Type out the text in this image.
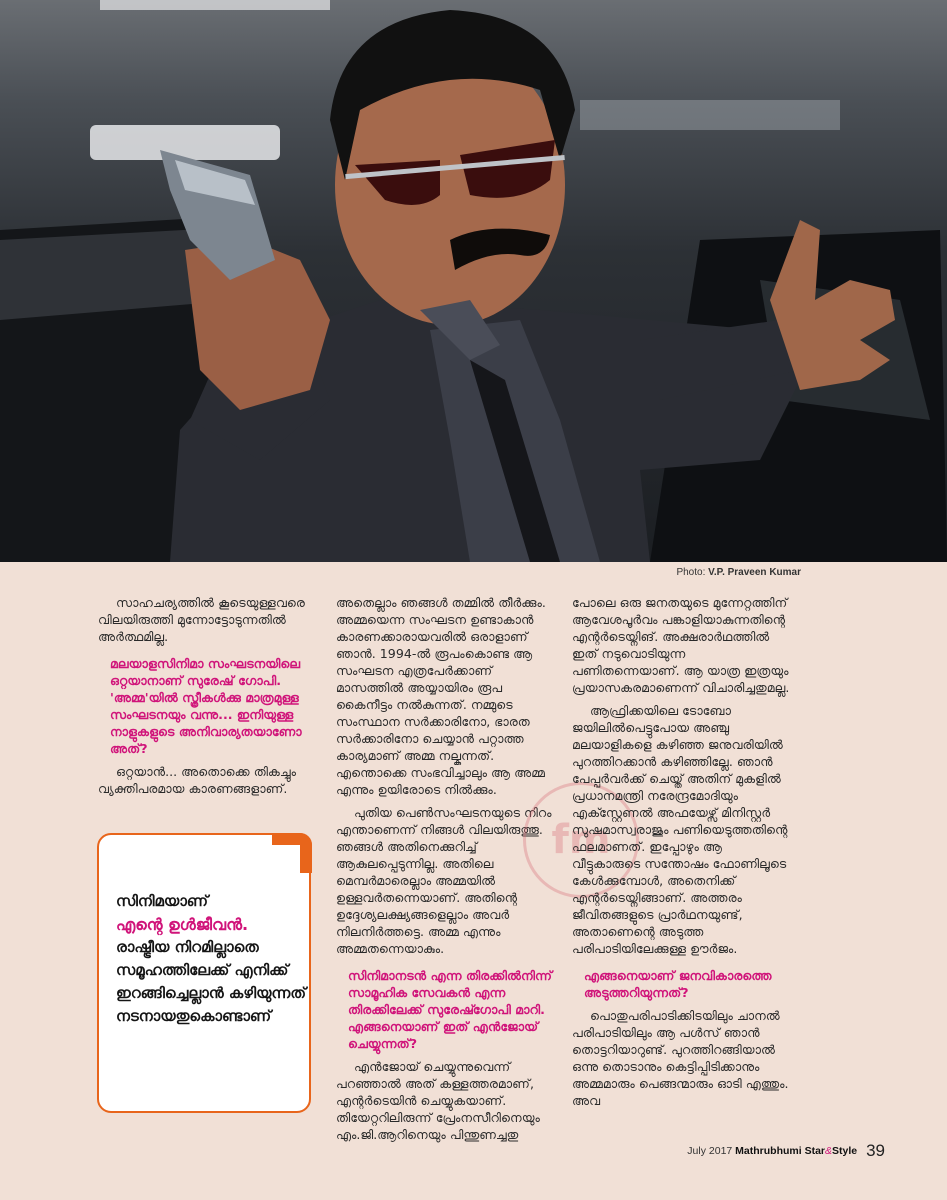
Photo: V.P. Praveen Kumar

സാഹചര്യത്തിൽ കൂടെയുള്ളവരെ വിലയിരുത്തി മുന്നോട്ടോടുന്നതിൽ അർത്ഥമില്ല.

മലയാളസിനിമാ സംഘടനയിലെ ഒറ്റയാനാണ് സുരേഷ് ഗോപി. 'അമ്മ'യിൽ സ്ത്രീകൾക്കു മാത്രമുള്ള സംഘടനയും വന്നു... ഇനിയുള്ള നാളുകളുടെ അനിവാര്യതയാണോ അത്?

ഒറ്റയാൻ... അതൊക്കെ തികച്ചും വ്യക്തിപരമായ കാരണങ്ങളാണ്.

സിനിമയാണ്
എന്റെ ഉൾജീവൻ.
രാഷ്ട്രീയ നിറമില്ലാതെ സമൂഹത്തിലേക്ക് എനിക്ക് ഇറങ്ങിച്ചെല്ലാൻ കഴിയുന്നത് നടനായതുകൊണ്ടാണ്

അതെല്ലാം ഞങ്ങൾ തമ്മിൽ തീർക്കും. അമ്മയെന്ന സംഘടന ഉണ്ടാകാൻ കാരണക്കാരായവരിൽ ഒരാളാണ് ഞാൻ. 1994-ൽ രൂപംകൊണ്ട ആ സംഘടന എത്രപേർക്കാണ് മാസത്തിൽ അയ്യായിരം രൂപ കൈനീട്ടം നൽകുന്നത്. നമ്മുടെ സംസ്ഥാന സർക്കാരിനോ, ഭാരത സർക്കാരിനോ ചെയ്യാൻ പറ്റാത്ത കാര്യമാണ് അമ്മ നല്കുന്നത്. എന്തൊക്കെ സംഭവിച്ചാലും ആ അമ്മ എന്നും ഉയിരോടെ നിൽക്കും.

പുതിയ പെൺസംഘടനയുടെ നിറം എന്താണെന്ന് നിങ്ങൾ വിലയിരുത്തൂ. ഞങ്ങൾ അതിനെക്കുറിച്ച് ആകുലപ്പെടുന്നില്ല. അതിലെ മെമ്പർമാരെല്ലാം അമ്മയിൽ ഉള്ളവർതന്നെയാണ്. അതിന്റെ ഉദ്ദേശ്യലക്ഷ്യങ്ങളെല്ലാം അവർ നിലനിർത്തട്ടെ. അമ്മ എന്നും അമ്മതന്നെയാകും.

സിനിമാനടൻ എന്ന തിരക്കിൽനിന്ന് സാമൂഹിക സേവകൻ എന്ന തിരക്കിലേക്ക് സുരേഷ്ഗോപി മാറി. എങ്ങനെയാണ് ഇത് എൻജോയ് ചെയ്യുന്നത്?

എൻജോയ് ചെയ്യുന്നുവെന്ന് പറഞ്ഞാൽ അത് കള്ളത്തരമാണ്, എന്റർടെയിൻ ചെയ്യുകയാണ്. തിയേറ്ററിലിരുന്ന് പ്രേംനസീറിനെയും എം.ജി.ആറിനെയും പിന്തുണച്ചതു

fm

പോലെ ഒരു ജനതയുടെ മുന്നേറ്റത്തിന് ആവേശപൂർവം പങ്കാളിയാകുന്നതിന്റെ എന്റർടെയ്നിങ്. അക്ഷരാർഥത്തിൽ ഇത് നടുവൊടിയുന്ന പണിതന്നെയാണ്. ആ യാത്ര ഇത്രയും പ്രയാസകരമാണെന്ന് വിചാരിച്ചതുമല്ല.

ആഫ്രിക്കയിലെ ടോബോ ജയിലിൽപെട്ടുപോയ അഞ്ചു മലയാളികളെ കഴിഞ്ഞ ജനുവരിയിൽ പുറത്തിറക്കാൻ കഴിഞ്ഞില്ലേ. ഞാൻ പേപ്പർവർക്ക് ചെയ്ത് അതിന് മുകളിൽ പ്രധാനമന്ത്രി നരേന്ദ്രമോദിയും എക്സ്റ്റേണൽ അഫയേഴ്സ് മിനിസ്റ്റർ സുഷമാസ്വരാജും പണിയെടുത്തതിന്റെ ഫലമാണത്. ഇപ്പോഴും ആ വീട്ടുകാരുടെ സന്തോഷം ഫോണിലൂടെ കേൾക്കുമ്പോൾ, അതെനിക്ക് എന്റർടെയ്നിങ്ങാണ്. അത്തരം ജീവിതങ്ങളുടെ പ്രാർഥനയുണ്ട്, അതാണെന്റെ അടുത്ത പരിപാടിയിലേക്കുള്ള ഊർജം.

എങ്ങനെയാണ് ജനവികാരത്തെ അടുത്തറിയുന്നത്?

പൊതുപരിപാടിക്കിടയിലും ചാനൽ പരിപാടിയിലും ആ പൾസ് ഞാൻ തൊട്ടറിയാറുണ്ട്. പുറത്തിറങ്ങിയാൽ ഒന്നു തൊടാനും കെട്ടിപ്പിടിക്കാനും അമ്മമാരും പെങ്ങന്മാരും ഓടി എത്തും. അവ

July 2017 Mathrubhumi Star&Style 39
